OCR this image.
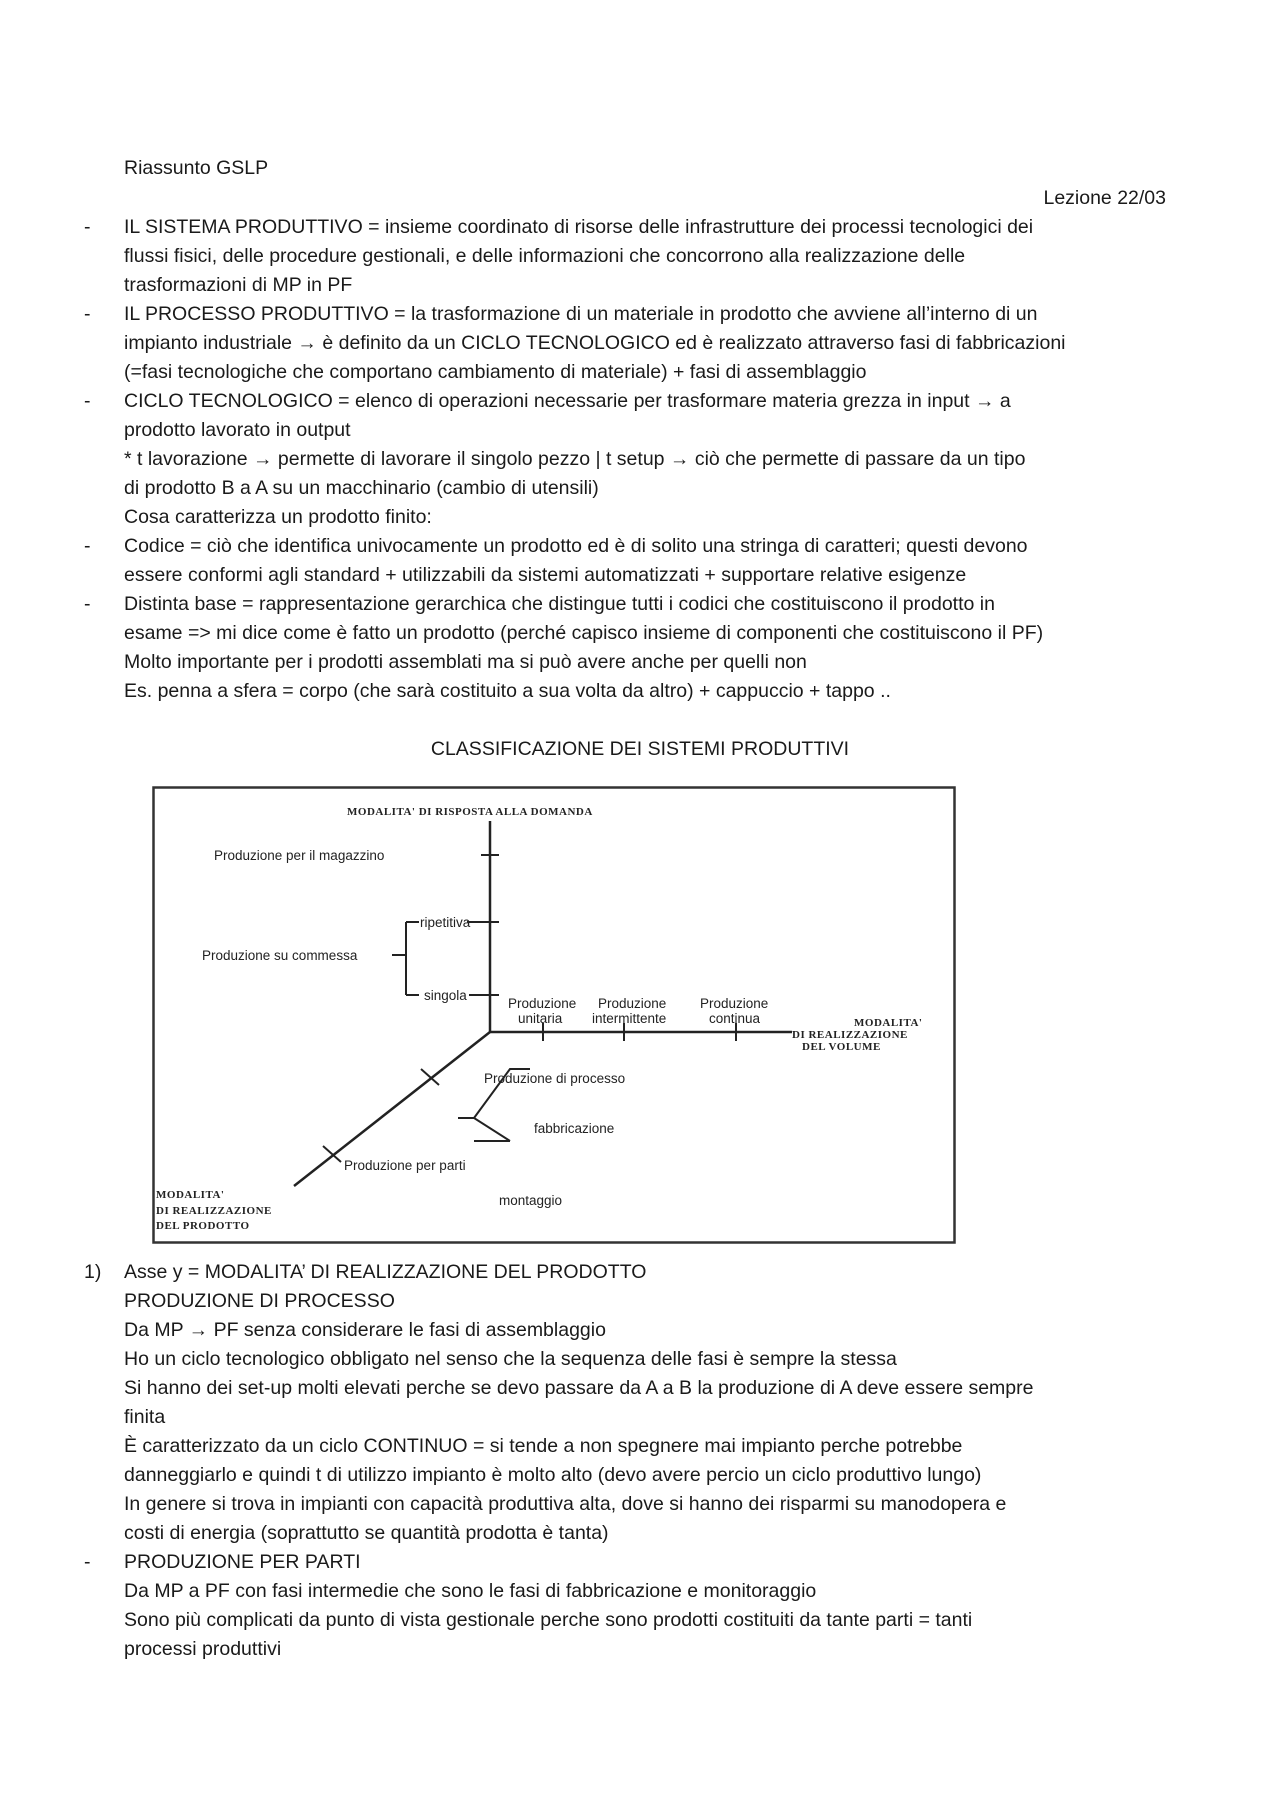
Riassunto GSLP
Lezione 22/03
- IL SISTEMA PRODUTTIVO = insieme coordinato di risorse delle infrastrutture dei processi tecnologici dei
flussi fisici, delle procedure gestionali, e delle informazioni che concorrono alla realizzazione delle
trasformazioni di MP in PF
- IL PROCESSO PRODUTTIVO = la trasformazione di un materiale in prodotto che avviene all’interno di un
impianto industriale → è definito da un CICLO TECNOLOGICO ed è realizzato attraverso fasi di fabbricazioni
(=fasi tecnologiche che comportano cambiamento di materiale) + fasi di assemblaggio
- CICLO TECNOLOGICO = elenco di operazioni necessarie per trasformare materia grezza in input → a
prodotto lavorato in output
* t lavorazione → permette di lavorare il singolo pezzo | t setup → ciò che permette di passare da un tipo
di prodotto B a A su un macchinario (cambio di utensili)
Cosa caratterizza un prodotto finito:
- Codice = ciò che identifica univocamente un prodotto ed è di solito una stringa di caratteri; questi devono
essere conformi agli standard + utilizzabili da sistemi automatizzati + supportare relative esigenze
- Distinta base = rappresentazione gerarchica che distingue tutti i codici che costituiscono il prodotto in
esame => mi dice come è fatto un prodotto (perché capisco insieme di componenti che costituiscono il PF)
Molto importante per i prodotti assemblati ma si può avere anche per quelli non
Es. penna a sfera = corpo (che sarà costituito a sua volta da altro) + cappuccio + tappo ..
CLASSIFICAZIONE DEI SISTEMI PRODUTTIVI
MODALITA' DI RISPOSTA ALLA DOMANDA
Produzione per il magazzino
Produzione su commessa
ripetitiva
singola
Produzione
unitaria
Produzione
intermittente
Produzione
continua	MODALITA'
DI REALIZZAZIONE
DEL VOLUME
Produzione di processo
fabbricazione
Produzione per parti
montaggio
MODALITA'
DI REALIZZAZIONE
DEL PRODOTTO
1) Asse y = MODALITA’ DI REALIZZAZIONE DEL PRODOTTO
PRODUZIONE DI PROCESSO
Da MP → PF senza considerare le fasi di assemblaggio
Ho un ciclo tecnologico obbligato nel senso che la sequenza delle fasi è sempre la stessa
Si hanno dei set-up molti elevati perche se devo passare da A a B la produzione di A deve essere sempre
finita
È caratterizzato da un ciclo CONTINUO = si tende a non spegnere mai impianto perche potrebbe
danneggiarlo e quindi t di utilizzo impianto è molto alto (devo avere percio un ciclo produttivo lungo)
In genere si trova in impianti con capacità produttiva alta, dove si hanno dei risparmi su manodopera e
costi di energia (soprattutto se quantità prodotta è tanta)
- PRODUZIONE PER PARTI
Da MP a PF con fasi intermedie che sono le fasi di fabbricazione e monitoraggio
Sono più complicati da punto di vista gestionale perche sono prodotti costituiti da tante parti = tanti
processi produttivi
